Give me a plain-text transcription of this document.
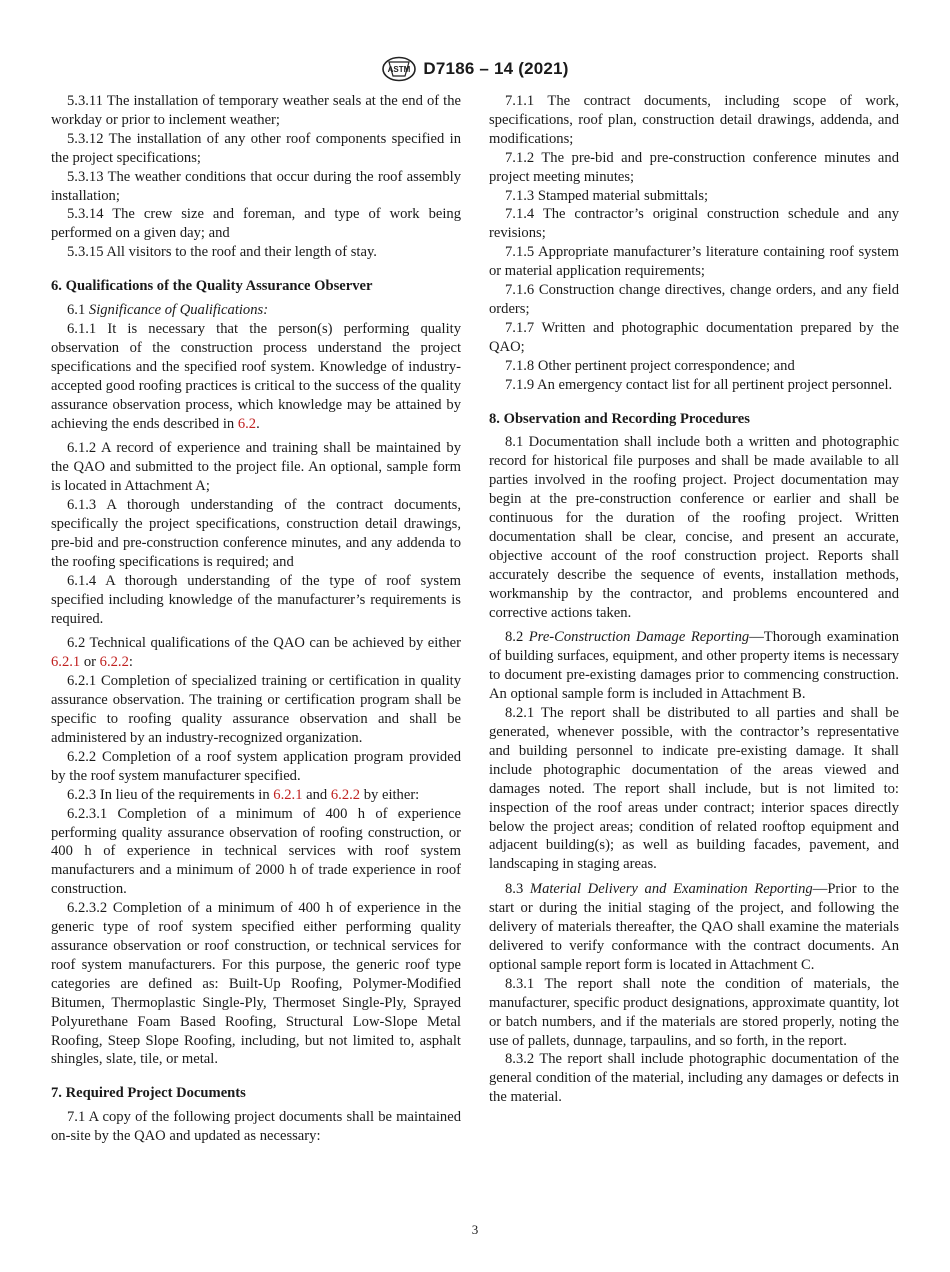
ASTM D7186 – 14 (2021)

5.3.11 The installation of temporary weather seals at the end of the workday or prior to inclement weather;

5.3.12 The installation of any other roof components specified in the project specifications;

5.3.13 The weather conditions that occur during the roof assembly installation;

5.3.14 The crew size and foreman, and type of work being performed on a given day; and

5.3.15 All visitors to the roof and their length of stay.

6. Qualifications of the Quality Assurance Observer

6.1 Significance of Qualifications:

6.1.1 It is necessary that the person(s) performing quality observation of the construction process understand the project specifications and the specified roof system. Knowledge of industry-accepted good roofing practices is critical to the success of the quality assurance observation process, which knowledge may be attained by achieving the ends described in 6.2.

6.1.2 A record of experience and training shall be maintained by the QAO and submitted to the project file. An optional, sample form is located in Attachment A;

6.1.3 A thorough understanding of the contract documents, specifically the project specifications, construction detail drawings, pre-bid and pre-construction conference minutes, and any addenda to the roofing specifications is required; and

6.1.4 A thorough understanding of the type of roof system specified including knowledge of the manufacturer’s requirements is required.

6.2 Technical qualifications of the QAO can be achieved by either 6.2.1 or 6.2.2:

6.2.1 Completion of specialized training or certification in quality assurance observation. The training or certification program shall be specific to roofing quality assurance observation and shall be administered by an industry-recognized organization.

6.2.2 Completion of a roof system application program provided by the roof system manufacturer specified.

6.2.3 In lieu of the requirements in 6.2.1 and 6.2.2 by either:

6.2.3.1 Completion of a minimum of 400 h of experience performing quality assurance observation of roofing construction, or 400 h of experience in technical services with roof system manufacturers and a minimum of 2000 h of trade experience in roof construction.

6.2.3.2 Completion of a minimum of 400 h of experience in the generic type of roof system specified either performing quality assurance observation or roof construction, or technical services for roof system manufacturers. For this purpose, the generic roof type categories are defined as: Built-Up Roofing, Polymer-Modified Bitumen, Thermoplastic Single-Ply, Thermoset Single-Ply, Sprayed Polyurethane Foam Based Roofing, Structural Low-Slope Metal Roofing, Steep Slope Roofing, including, but not limited to, asphalt shingles, slate, tile, or metal.

7. Required Project Documents

7.1 A copy of the following project documents shall be maintained on-site by the QAO and updated as necessary:

7.1.1 The contract documents, including scope of work, specifications, roof plan, construction detail drawings, addenda, and modifications;

7.1.2 The pre-bid and pre-construction conference minutes and project meeting minutes;

7.1.3 Stamped material submittals;

7.1.4 The contractor’s original construction schedule and any revisions;

7.1.5 Appropriate manufacturer’s literature containing roof system or material application requirements;

7.1.6 Construction change directives, change orders, and any field orders;

7.1.7 Written and photographic documentation prepared by the QAO;

7.1.8 Other pertinent project correspondence; and

7.1.9 An emergency contact list for all pertinent project personnel.

8. Observation and Recording Procedures

8.1 Documentation shall include both a written and photographic record for historical file purposes and shall be made available to all parties involved in the roofing project. Project documentation may begin at the pre-construction conference or earlier and shall be continuous for the duration of the roofing project. Written documentation shall be clear, concise, and present an accurate, objective account of the roof construction project. Reports shall accurately describe the sequence of events, installation methods, workmanship by the contractor, and problems encountered and corrective actions taken.

8.2 Pre-Construction Damage Reporting—Thorough examination of building surfaces, equipment, and other property items is necessary to document pre-existing damages prior to commencing construction. An optional sample form is included in Attachment B.

8.2.1 The report shall be distributed to all parties and shall be generated, whenever possible, with the contractor’s representative and building personnel to indicate pre-existing damage. It shall include photographic documentation of the areas viewed and damages noted. The report shall include, but is not limited to: inspection of the roof areas under contract; interior spaces directly below the project areas; condition of related rooftop equipment and adjacent building(s); as well as building facades, pavement, and landscaping in staging areas.

8.3 Material Delivery and Examination Reporting—Prior to the start or during the initial staging of the project, and following the delivery of materials thereafter, the QAO shall examine the materials delivered to verify conformance with the contract documents. An optional sample report form is located in Attachment C.

8.3.1 The report shall note the condition of materials, the manufacturer, specific product designations, approximate quantity, lot or batch numbers, and if the materials are stored properly, noting the use of pallets, dunnage, tarpaulins, and so forth, in the report.

8.3.2 The report shall include photographic documentation of the general condition of the material, including any damages or defects in the material.

3
